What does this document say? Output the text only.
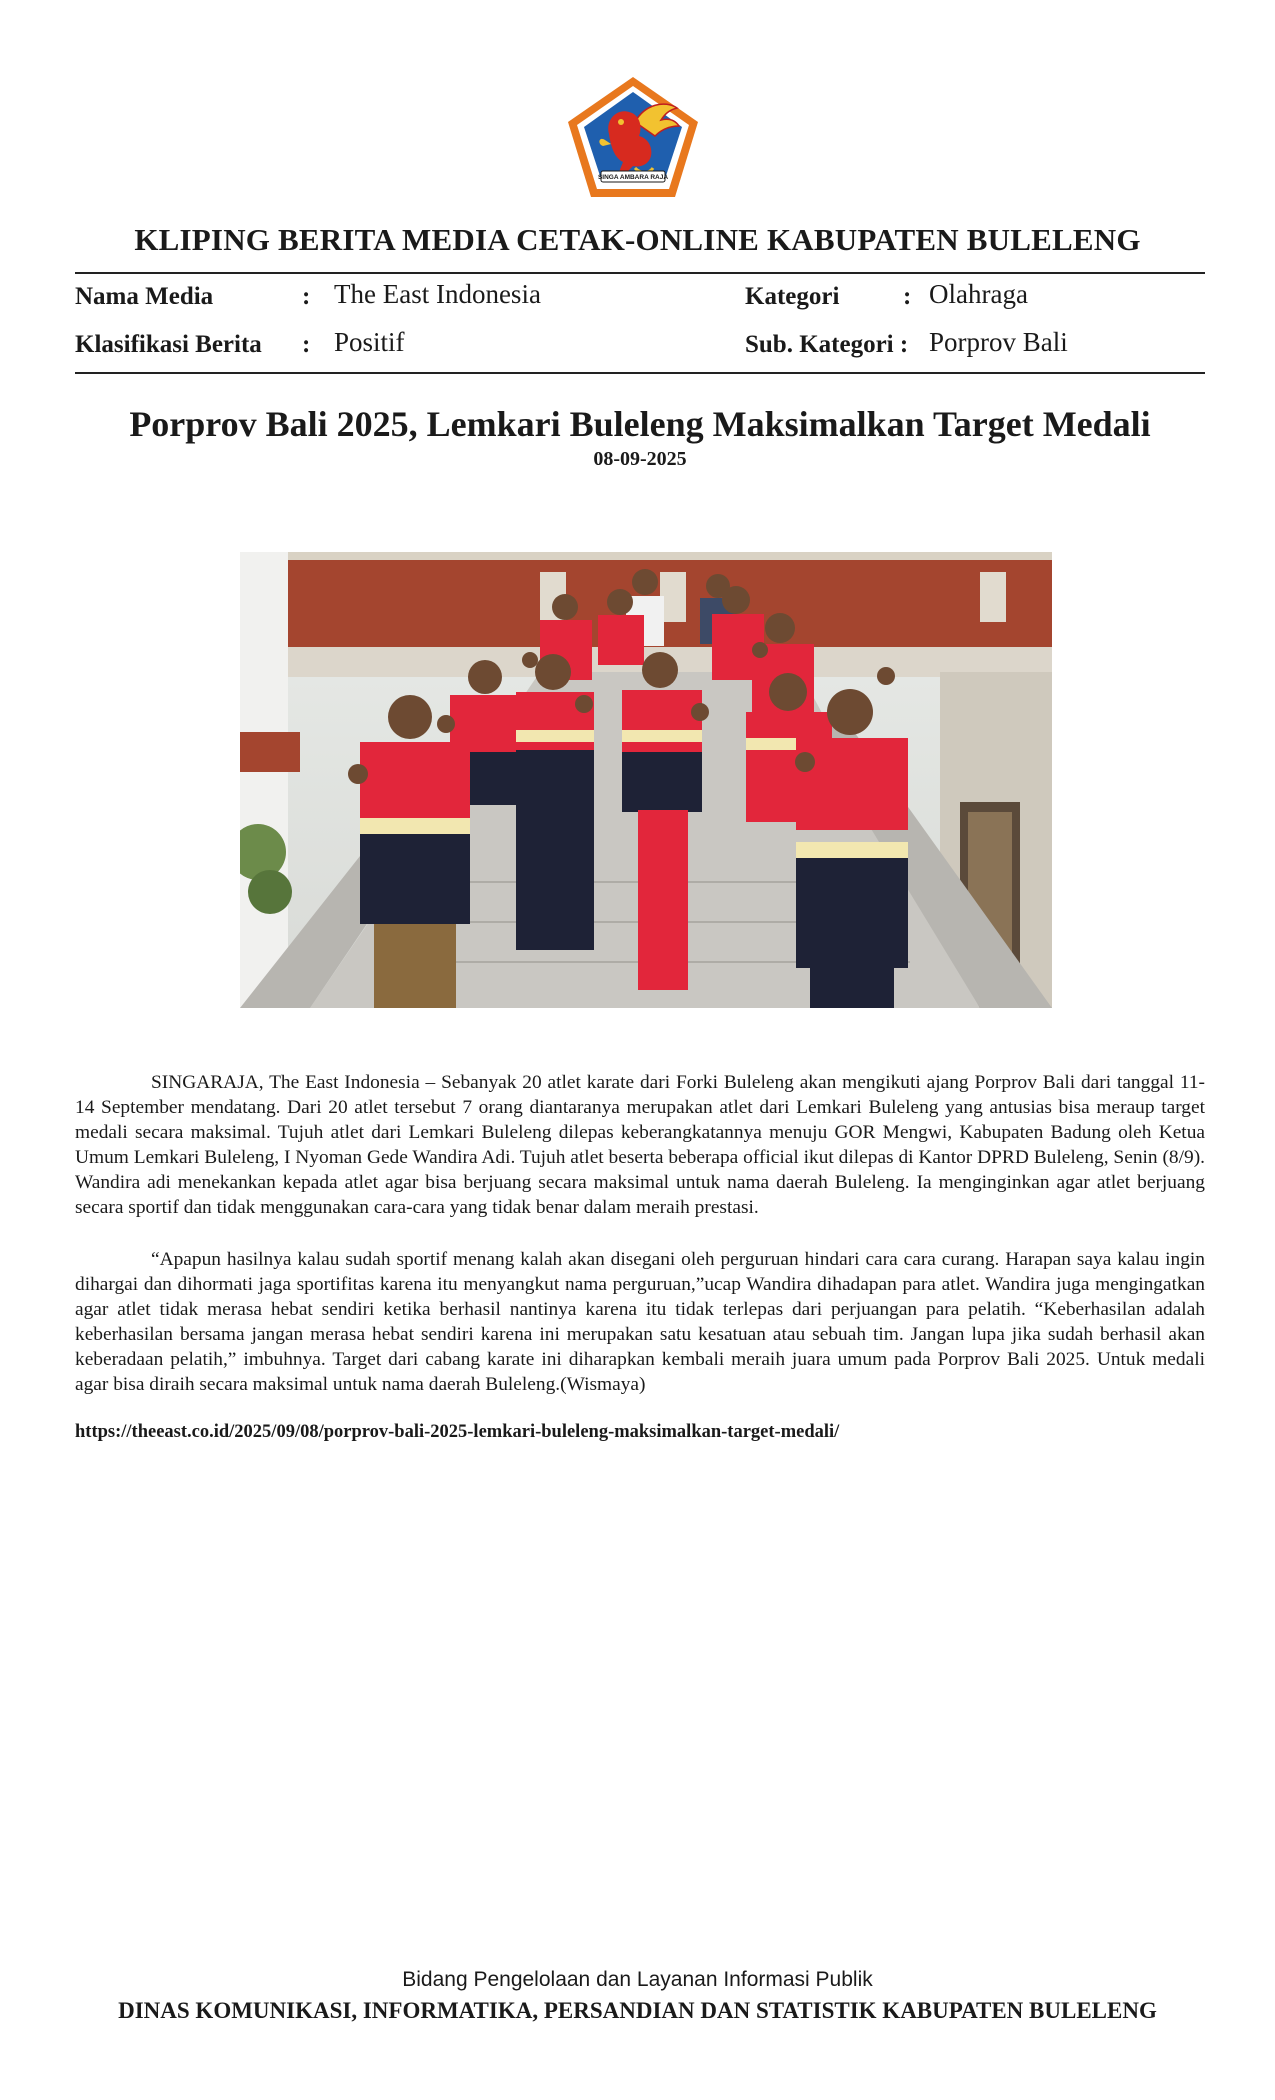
SINGA AMBARA RAJA
KLIPING BERITA MEDIA CETAK-ONLINE KABUPATEN BULELENG
Nama Media	: The East Indonesia	Kategori	: Olahraga
Klasifikasi Berita : Positif	Sub. Kategori : Porprov Bali
Porprov Bali 2025, Lemkari Buleleng Maksimalkan Target Medali
08-09-2025

SINGARAJA, The East Indonesia – Sebanyak 20 atlet karate dari Forki Buleleng akan mengikuti ajang Porprov Bali dari tanggal 11-14 September mendatang. Dari 20 atlet tersebut 7 orang diantaranya merupakan atlet dari Lemkari Buleleng yang antusias bisa meraup target medali secara maksimal. Tujuh atlet dari Lemkari Buleleng dilepas keberangkatannya menuju GOR Mengwi, Kabupaten Badung oleh Ketua Umum Lemkari Buleleng, I Nyoman Gede Wandira Adi. Tujuh atlet beserta beberapa official ikut dilepas di Kantor DPRD Buleleng, Senin (8/9). Wandira adi menekankan kepada atlet agar bisa berjuang secara maksimal untuk nama daerah Buleleng. Ia menginginkan agar atlet berjuang secara sportif dan tidak menggunakan cara-cara yang tidak benar dalam meraih prestasi.

“Apapun hasilnya kalau sudah sportif menang kalah akan disegani oleh perguruan hindari cara cara curang. Harapan saya kalau ingin dihargai dan dihormati jaga sportifitas karena itu menyangkut nama perguruan,”ucap Wandira dihadapan para atlet. Wandira juga mengingatkan agar atlet tidak merasa hebat sendiri ketika berhasil nantinya karena itu tidak terlepas dari perjuangan para pelatih. “Keberhasilan adalah keberhasilan bersama jangan merasa hebat sendiri karena ini merupakan satu kesatuan atau sebuah tim. Jangan lupa jika sudah berhasil akan keberadaan pelatih,” imbuhnya. Target dari cabang karate ini diharapkan kembali meraih juara umum pada Porprov Bali 2025. Untuk medali agar bisa diraih secara maksimal untuk nama daerah Buleleng.(Wismaya)

https://theeast.co.id/2025/09/08/porprov-bali-2025-lemkari-buleleng-maksimalkan-target-medali/
Bidang Pengelolaan dan Layanan Informasi Publik
DINAS KOMUNIKASI, INFORMATIKA, PERSANDIAN DAN STATISTIK KABUPATEN BULELENG
